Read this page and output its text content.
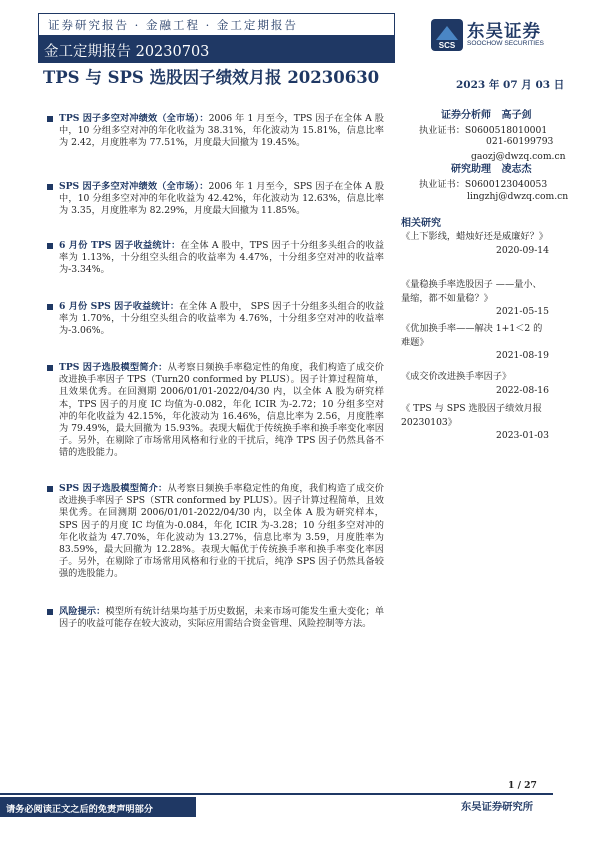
证券研究报告 · 金融工程 · 金工定期报告
金工定期报告 20230703	SCS
东吴证券
SOOCHOW SECURITIES
TPS 与 SPS 选股因子绩效月报 20230630	2023 年 07 月 03 日
TPS 因子多空对冲绩效（全市场）：2006 年 1 月至今，TPS 因子在全体 A 股中，10 分组多空对冲的年化收益为 38.31%，年化波动为 15.81%，信息比率为 2.42，月度胜率为 77.51%，月度最大回撤为 19.45%。
SPS 因子多空对冲绩效（全市场）：2006 年 1 月至今，SPS 因子在全体 A 股中，10 分组多空对冲的年化收益为 42.42%，年化波动为 12.63%，信息比率为 3.35，月度胜率为 82.29%，月度最大回撤为 11.85%。
6 月份 TPS 因子收益统计：在全体 A 股中，TPS 因子十分组多头组合的收益率为 1.13%，十分组空头组合的收益率为 4.47%，十分组多空对冲的收益率为-3.34%。
6 月份 SPS 因子收益统计：在全体 A 股中， SPS 因子十分组多头组合的收益率为 1.70%，十分组空头组合的收益率为 4.76%，十分组多空对冲的收益率为-3.06%。
TPS 因子选股模型简介：从考察日频换手率稳定性的角度，我们构造了成交价改进换手率因子 TPS（Turn20 conformed by PLUS）。因子计算过程简单，且效果优秀。在回测期 2006/01/01-2022/04/30 内，以全体 A 股为研究样本，TPS 因子的月度 IC 均值为-0.082，年化 ICIR 为-2.72；10 分组多空对冲的年化收益为 42.15%，年化波动为 16.46%，信息比率为 2.56，月度胜率为 79.49%，最大回撤为 15.93%。表现大幅优于传统换手率和换手率变化率因子。另外，在剔除了市场常用风格和行业的干扰后，纯净 TPS 因子仍然具备不错的选股能力。
SPS 因子选股模型简介：从考察日频换手率稳定性的角度，我们构造了成交价改进换手率因子 SPS（STR conformed by PLUS）。因子计算过程简单，且效果优秀。在回测期 2006/01/01-2022/04/30 内，以全体 A 股为研究样本，SPS 因子的月度 IC 均值为-0.084，年化 ICIR 为-3.28；10 分组多空对冲的年化收益为 47.70%，年化波动为 13.27%，信息比率为 3.59，月度胜率为 83.59%，最大回撤为 12.28%。表现大幅优于传统换手率和换手率变化率因子。另外，在剔除了市场常用风格和行业的干扰后，纯净 SPS 因子仍然具备较强的选股能力。
风险提示：模型所有统计结果均基于历史数据，未来市场可能发生重大变化；单因子的收益可能存在较大波动，实际应用需结合资金管理、风险控制等方法。
证券分析师 高子剑
执业证书：S0600518010001
021-60199793
gaozj@dwzq.com.cn
研究助理 凌志杰
执业证书：S0600123040053
lingzhj@dwzq.com.cn
相关研究
《上下影线，蜡烛好还是威廉好？》
2020-09-14
《量稳换手率选股因子 ——量小、量缩，都不如量稳？》
2021-05-15
《优加换手率——解决 1+1＜2 的难题》
2021-08-19
《成交价改进换手率因子》
2022-08-16
《 TPS 与 SPS 选股因子绩效月报 20230103》
2023-01-03
1 / 27
请务必阅读正文之后的免责声明部分	东吴证券研究所
